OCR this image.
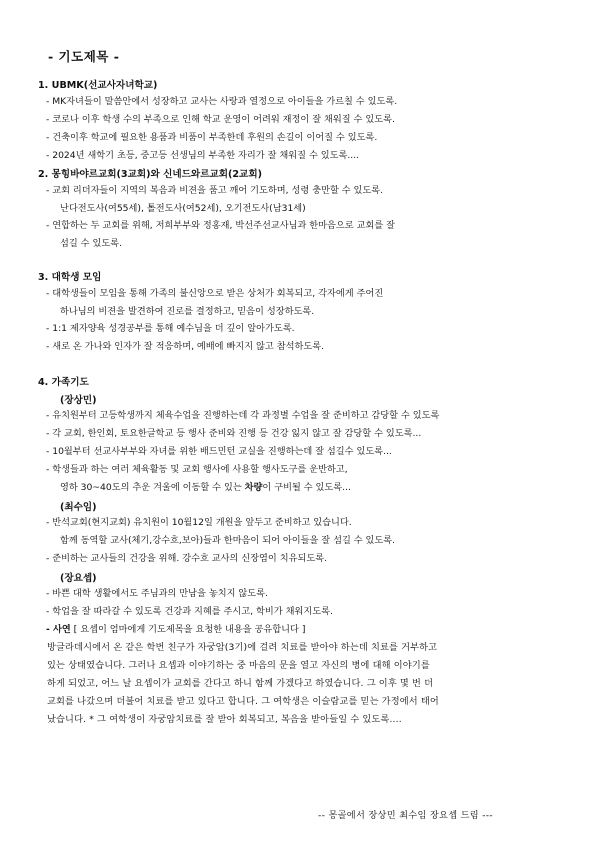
- 기도제목 -
1. UBMK(선교사자녀학교)
- MK자녀들이 말씀안에서 성장하고 교사는 사랑과 열정으로 아이들을 가르칠 수 있도록.
- 코로나 이후 학생 수의 부족으로 인해 학교 운영이 어려워 재정이 잘 채워질 수 있도록.
- 건축이후 학교에 필요한 용품과 비품이 부족한데 후원의 손길이 이어질 수 있도록.
- 2024년 새학기 초등, 중고등 선생님의 부족한 자리가 잘 채워질 수 있도록....
2. 몽힝바야르교회(3교회)와 신네드와르교회(2교회)
- 교회 리더자들이 지역의 복음과 비젼을 품고 깨어 기도하며, 성령 충만할 수 있도록.
난다전도사(여55세), 톨전도사(여52세), 오기전도사(남31세)
- 연합하는 두 교회를 위해, 저희부부와 정홍재, 박선주선교사님과 한마음으로 교회를 잘
섬길 수 있도록.
3. 대학생 모임
- 대학생들이 모임을 통해 가족의 불신앙으로 받은 상처가 회복되고, 각자에게 주어진
하나님의 비젼을 발견하여 진로를 결정하고, 믿음이 성장하도록.
- 1:1 제자양육 성경공부를 통해 예수님을 더 깊이 알아가도록.
- 새로 온 가나와 인자가 잘 적응하며, 예배에 빠지지 않고 참석하도록.
4. 가족기도
(장상민)
- 유치원부터 고등학생까지 체육수업을 진행하는데 각 과정별 수업을 잘 준비하고 감당할 수 있도록
- 각 교회, 한인회, 토요한글학교 등 행사 준비와 진행 등 건강 잃지 않고 잘 감당할 수 있도록...
- 10월부터 선교사부부와 자녀를 위한 배드민턴 교실을 진행하는데 잘 섬길수 있도록...
- 학생들과 하는 여러 체육활동 및 교회 행사에 사용할 행사도구를 운반하고,
영하 30~40도의 추운 겨울에 이동할 수 있는 차량이 구비될 수 있도록...
(최수임)
- 반석교회(현지교회) 유치원이 10월12일 개원을 앞두고 준비하고 있습니다.
함께 동역할 교사(체기,강수흐,보아)들과 한마음이 되어 아이들을 잘 섬길 수 있도록.
- 준비하는 교사들의 건강을 위해. 강수흐 교사의 신장염이 치유되도록.
(장요셉)
- 바쁜 대학 생활에서도 주님과의 만남을 놓치지 않도록.
- 학업을 잘 따라갈 수 있도록 건강과 지혜를 주시고, 학비가 채워지도록.
- 사연 [ 요셉이 엄마에게 기도제목을 요청한 내용을 공유합니다 ]
방글라데시에서 온 같은 학번 친구가 자궁암(3기)에 걸려 치료를 받아야 하는데 치료를 거부하고
있는 상태였습니다. 그러나 요셉과 이야기하는 중 마음의 문을 열고 자신의 병에 대해 이야기를
하게 되었고, 어느 날 요셉이가 교회를 간다고 하니 함께 가겠다고 하였습니다. 그 이후 몇 번 더
교회를 나갔으며 더불어 치료를 받고 있다고 합니다. 그 여학생은 이슬람교를 믿는 가정에서 태어
났습니다. * 그 여학생이 자궁암치료를 잘 받아 회복되고, 복음을 받아들일 수 있도록....
-- 몽골에서 장상민 최수임 장요셉 드림 ---
